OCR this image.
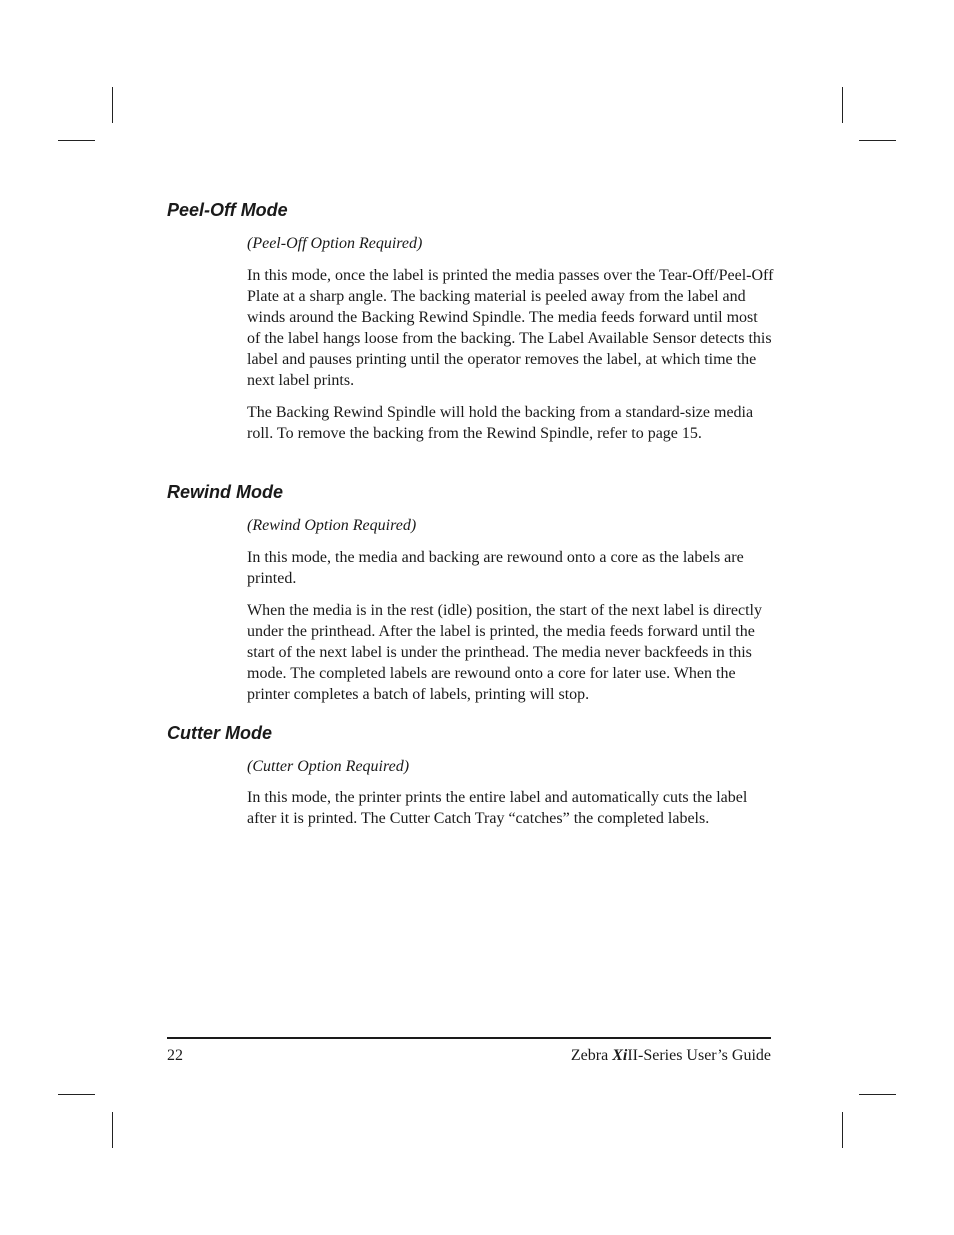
Peel-Off Mode

(Peel-Off Option Required)

In this mode, once the label is printed the media passes over the Tear-Off/Peel-Off Plate at a sharp angle. The backing material is peeled away from the label and winds around the Backing Rewind Spindle. The media feeds forward until most of the label hangs loose from the backing. The Label Available Sensor detects this label and pauses printing until the operator removes the label, at which time the next label prints.

The Backing Rewind Spindle will hold the backing from a standard-size media roll. To remove the backing from the Rewind Spindle, refer to page 15.

Rewind Mode

(Rewind Option Required)

In this mode, the media and backing are rewound onto a core as the labels are printed.

When the media is in the rest (idle) position, the start of the next label is directly under the printhead. After the label is printed, the media feeds forward until the start of the next label is under the printhead. The media never backfeeds in this mode. The completed labels are rewound onto a core for later use. When the printer completes a batch of labels, printing will stop.

Cutter Mode

(Cutter Option Required)

In this mode, the printer prints the entire label and automatically cuts the label after it is printed. The Cutter Catch Tray “catches” the completed labels.

22	Zebra XiII-Series User’s Guide
